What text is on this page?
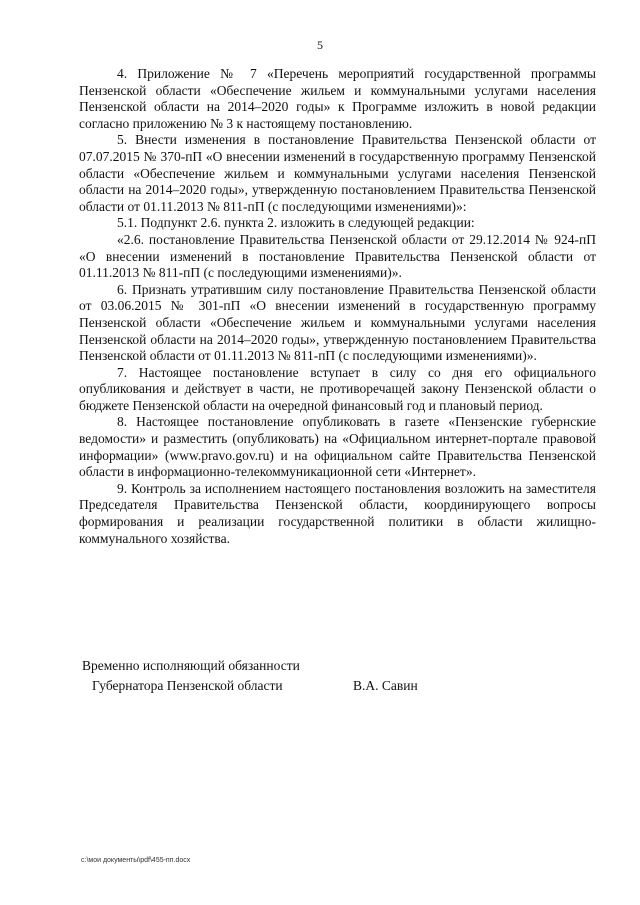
5

4. Приложение № 7 «Перечень мероприятий государственной программы Пензенской области «Обеспечение жильем и коммунальными услугами населения Пензенской области на 2014–2020 годы» к Программе изложить в новой редакции согласно приложению № 3 к настоящему постановлению.

5. Внести изменения в постановление Правительства Пензенской области от 07.07.2015 № 370-пП «О внесении изменений в государственную программу Пензенской области «Обеспечение жильем и коммунальными услугами населения Пензенской области на 2014–2020 годы», утвержденную постановлением Правительства Пензенской области от 01.11.2013 № 811-пП (с последующими изменениями)»:

5.1. Подпункт 2.6. пункта 2. изложить в следующей редакции:

«2.6. постановление Правительства Пензенской области от 29.12.2014 № 924-пП «О внесении изменений в постановление Правительства Пензенской области от 01.11.2013 № 811-пП (с последующими изменениями)».

6. Признать утратившим силу постановление Правительства Пензенской области от 03.06.2015 № 301-пП «О внесении изменений в государственную программу Пензенской области «Обеспечение жильем и коммунальными услугами населения Пензенской области на 2014–2020 годы», утвержденную постановлением Правительства Пензенской области от 01.11.2013 № 811-пП (с последующими изменениями)».

7. Настоящее постановление вступает в силу со дня его официального опубликования и действует в части, не противоречащей закону Пензенской области о бюджете Пензенской области на очередной финансовый год и плановый период.

8. Настоящее постановление опубликовать в газете «Пензенские губернские ведомости» и разместить (опубликовать) на «Официальном интернет-портале правовой информации» (www.pravo.gov.ru) и на официальном сайте Правительства Пензенской области в информационно-телекоммуникационной сети «Интернет».

9. Контроль за исполнением настоящего постановления возложить на заместителя Председателя Правительства Пензенской области, координирующего вопросы формирования и реализации государственной политики в области жилищно-коммунального хозяйства.

Временно исполняющий обязанности
Губернатора Пензенской области	В.А. Савин
c:\мои документы\pdf\455-пп.docx
